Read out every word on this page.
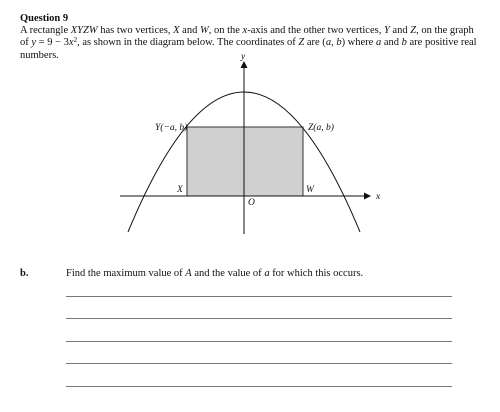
Question 9

A rectangle XYZW has two vertices, X and W, on the x-axis and the other two vertices, Y and Z, on the graph of $y = 9 - 3x^2$, as shown in the diagram below. The coordinates of Z are (a, b) where a and b are positive real numbers.	y
x
O
Y(−a, b)	Z(a, b)
X	W
b.	Find the maximum value of A and the value of a for which this occurs.
